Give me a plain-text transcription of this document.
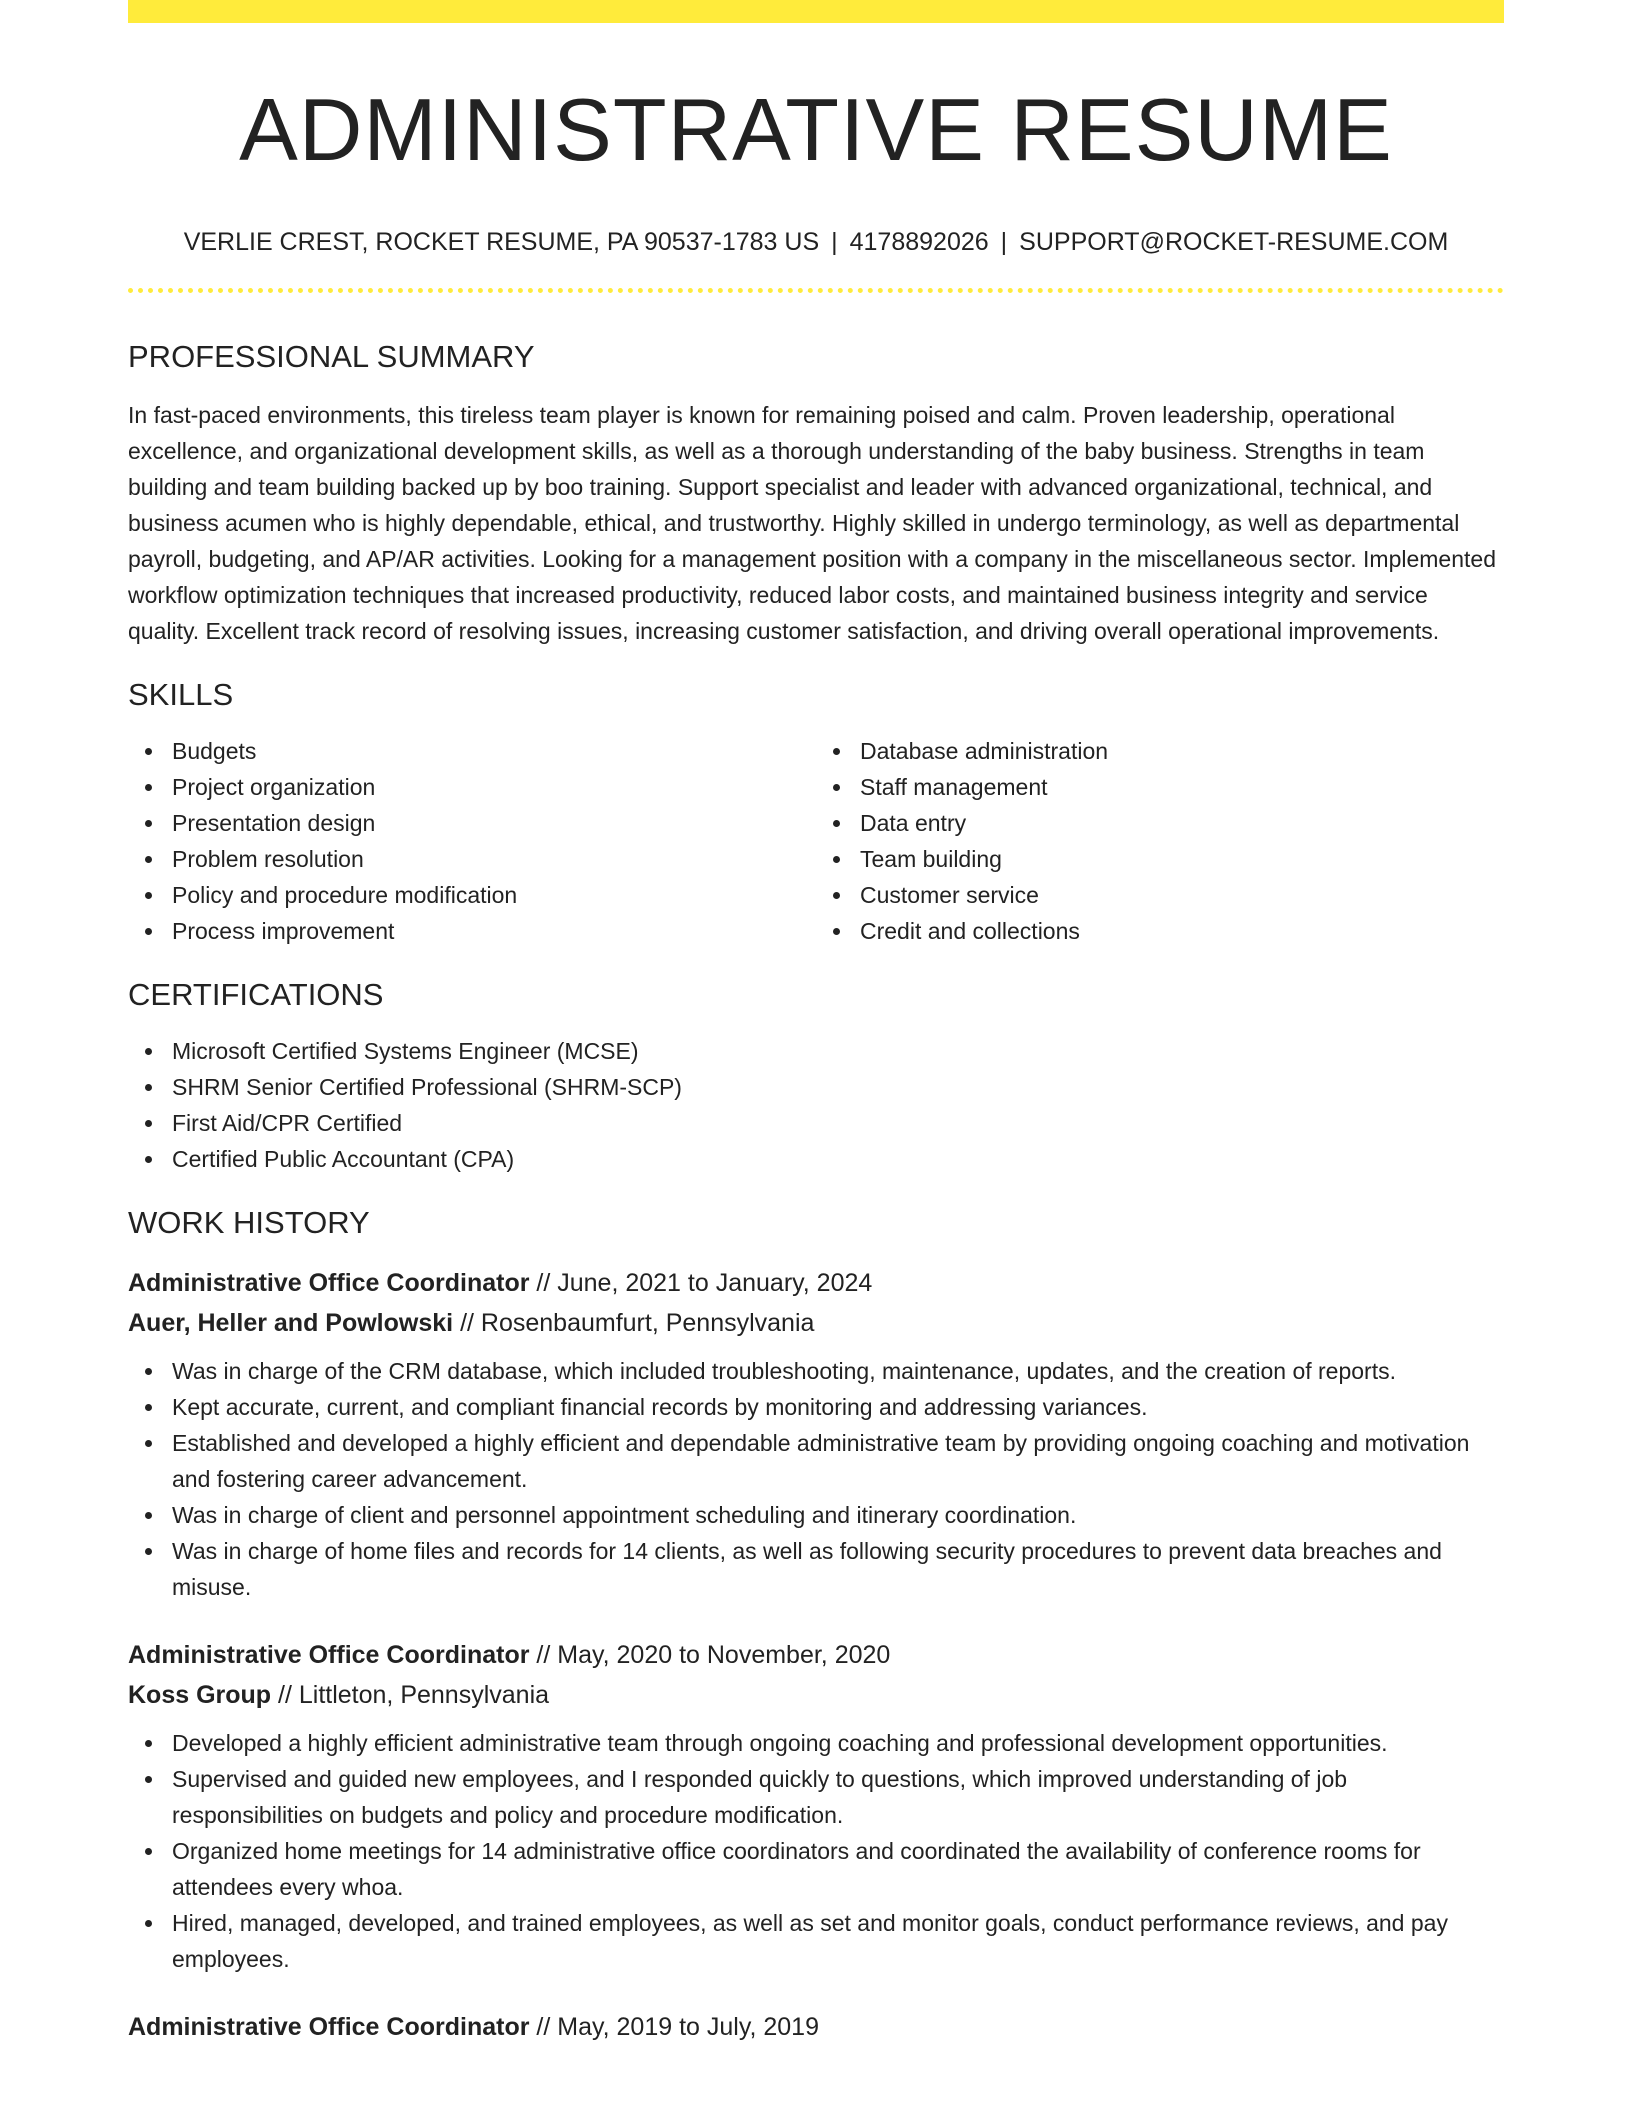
ADMINISTRATIVE RESUME
VERLIE CREST, ROCKET RESUME, PA 90537-1783 US | 4178892026 | SUPPORT@ROCKET-RESUME.COM
PROFESSIONAL SUMMARY

In fast-paced environments, this tireless team player is known for remaining poised and calm. Proven leadership, operational excellence, and organizational development skills, as well as a thorough understanding of the baby business. Strengths in team building and team building backed up by boo training. Support specialist and leader with advanced organizational, technical, and business acumen who is highly dependable, ethical, and trustworthy. Highly skilled in undergo terminology, as well as departmental payroll, budgeting, and AP/AR activities. Looking for a management position with a company in the miscellaneous sector. Implemented workflow optimization techniques that increased productivity, reduced labor costs, and maintained business integrity and service quality. Excellent track record of resolving issues, increasing customer satisfaction, and driving overall operational improvements.

SKILLS
Budgets
Project organization
Presentation design
Problem resolution
Policy and procedure modification
Process improvement
Database administration
Staff management
Data entry
Team building
Customer service
Credit and collections
CERTIFICATIONS
Microsoft Certified Systems Engineer (MCSE)
SHRM Senior Certified Professional (SHRM-SCP)
First Aid/CPR Certified
Certified Public Accountant (CPA)
WORK HISTORY
Administrative Office Coordinator // June, 2021 to January, 2024
Auer, Heller and Powlowski // Rosenbaumfurt, Pennsylvania
Was in charge of the CRM database, which included troubleshooting, maintenance, updates, and the creation of reports.
Kept accurate, current, and compliant financial records by monitoring and addressing variances.
Established and developed a highly efficient and dependable administrative team by providing ongoing coaching and motivation and fostering career advancement.
Was in charge of client and personnel appointment scheduling and itinerary coordination.
Was in charge of home files and records for 14 clients, as well as following security procedures to prevent data breaches and misuse.
Administrative Office Coordinator // May, 2020 to November, 2020
Koss Group // Littleton, Pennsylvania
Developed a highly efficient administrative team through ongoing coaching and professional development opportunities.
Supervised and guided new employees, and I responded quickly to questions, which improved understanding of job responsibilities on budgets and policy and procedure modification.
Organized home meetings for 14 administrative office coordinators and coordinated the availability of conference rooms for attendees every whoa.
Hired, managed, developed, and trained employees, as well as set and monitor goals, conduct performance reviews, and pay employees.
Administrative Office Coordinator // May, 2019 to July, 2019
